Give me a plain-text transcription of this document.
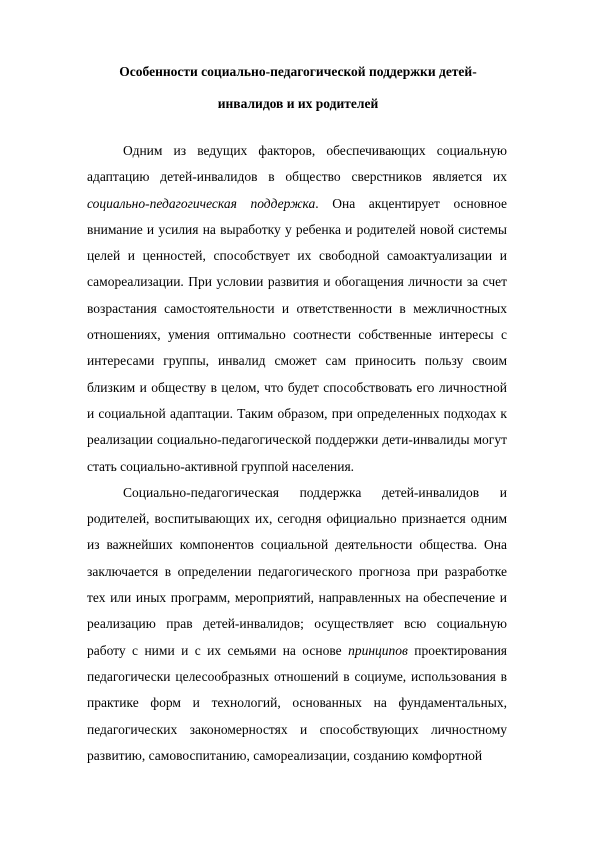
Особенности социально-педагогической поддержки детей- инвалидов и их родителей

Одним из ведущих факторов, обеспечивающих социальную адаптацию детей-инвалидов в общество сверстников является их социально-педагогическая поддержка. Она акцентирует основное внимание и усилия на выработку у ребенка и родителей новой системы целей и ценностей, способствует их свободной самоактуализации и самореализации. При условии развития и обогащения личности за счет возрастания самостоятельности и ответственности в межличностных отношениях, умения оптимально соотнести собственные интересы с интересами группы, инвалид сможет сам приносить пользу своим близким и обществу в целом, что будет способствовать его личностной и социальной адаптации. Таким образом, при определенных подходах к реализации социально-педагогической поддержки дети-инвалиды могут стать социально-активной группой населения.

Социально-педагогическая поддержка детей-инвалидов и родителей, воспитывающих их, сегодня официально признается одним из важнейших компонентов социальной деятельности общества. Она заключается в определении педагогического прогноза при разработке тех или иных программ, мероприятий, направленных на обеспечение и реализацию прав детей-инвалидов; осуществляет всю социальную работу с ними и с их семьями на основе принципов проектирования педагогически целесообразных отношений в социуме, использования в практике форм и технологий, основанных на фундаментальных, педагогических закономерностях и способствующих личностному развитию, самовоспитанию, самореализации, созданию комфортной
